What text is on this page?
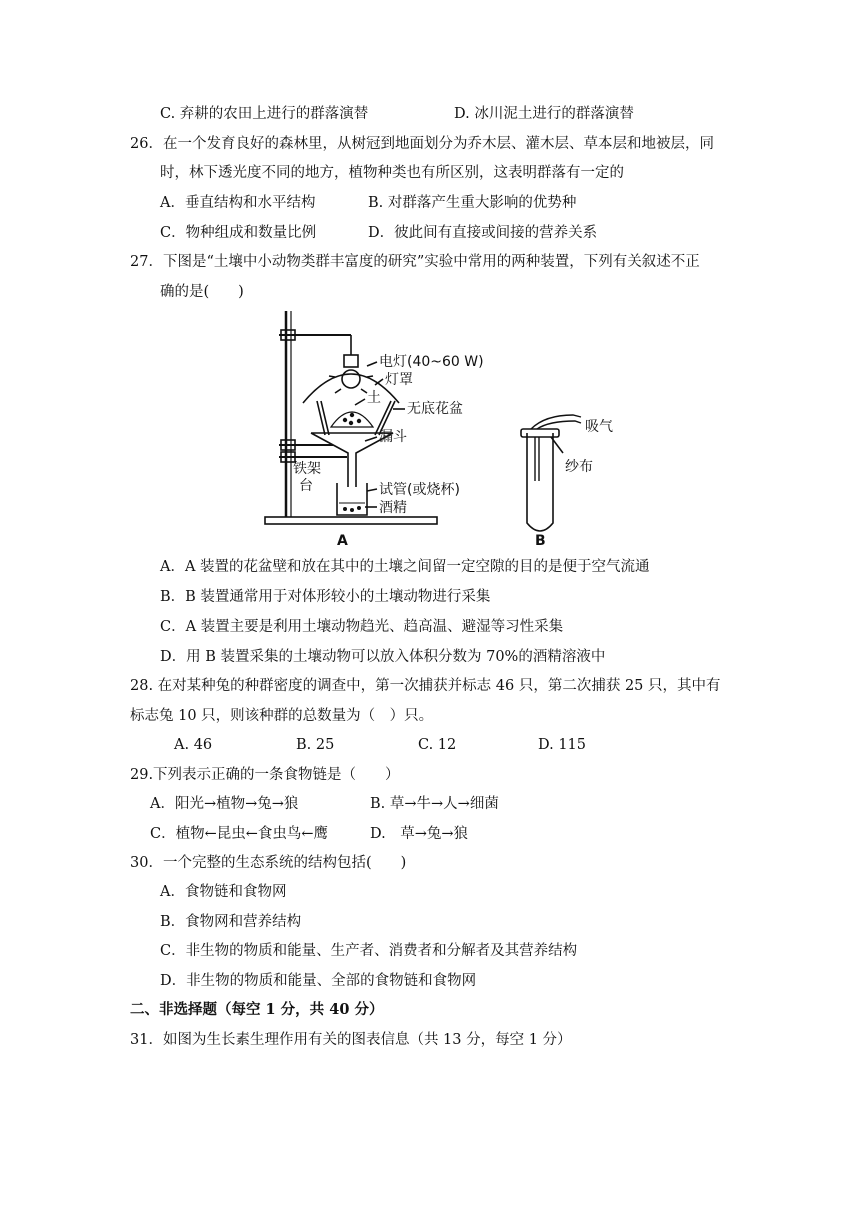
C. 弃耕的农田上进行的群落演替	D. 冰川泥土进行的群落演替
26．在一个发育良好的森林里，从树冠到地面划分为乔木层、灌木层、草本层和地被层，同
时，林下透光度不同的地方，植物种类也有所区别，这表明群落有一定的
A．垂直结构和水平结构	B. 对群落产生重大影响的优势种
C．物种组成和数量比例	D．彼此间有直接或间接的营养关系
27．下图是“土壤中小动物类群丰富度的研究”实验中常用的两种装置，下列有关叙述不正
确的是(　　)
电灯(40~60 W)
灯罩
土
无底花盆
漏斗
铁架
台	试管(或烧杯)
酒精
吸气
纱布
A	B
A．A 装置的花盆壁和放在其中的土壤之间留一定空隙的目的是便于空气流通
B．B 装置通常用于对体形较小的土壤动物进行采集
C．A 装置主要是利用土壤动物趋光、趋高温、避湿等习性采集
D．用 B 装置采集的土壤动物可以放入体积分数为 70%的酒精溶液中
28. 在对某种兔的种群密度的调查中，第一次捕获并标志 46 只，第二次捕获 25 只，其中有
标志兔 10 只，则该种群的总数量为（　）只。
A. 46	B. 25	C. 12	D. 115
29.下列表示正确的一条食物链是（　　）
A．阳光→植物→兔→狼	B. 草→牛→人→细菌
C．植物←昆虫←食虫鸟←鹰	D.　草→兔→狼
30．一个完整的生态系统的结构包括(　　)
A．食物链和食物网
B．食物网和营养结构
C．非生物的物质和能量、生产者、消费者和分解者及其营养结构
D．非生物的物质和能量、全部的食物链和食物网
二、非选择题（每空 1 分，共 40 分）
31．如图为生长素生理作用有关的图表信息（共 13 分，每空 1 分）
